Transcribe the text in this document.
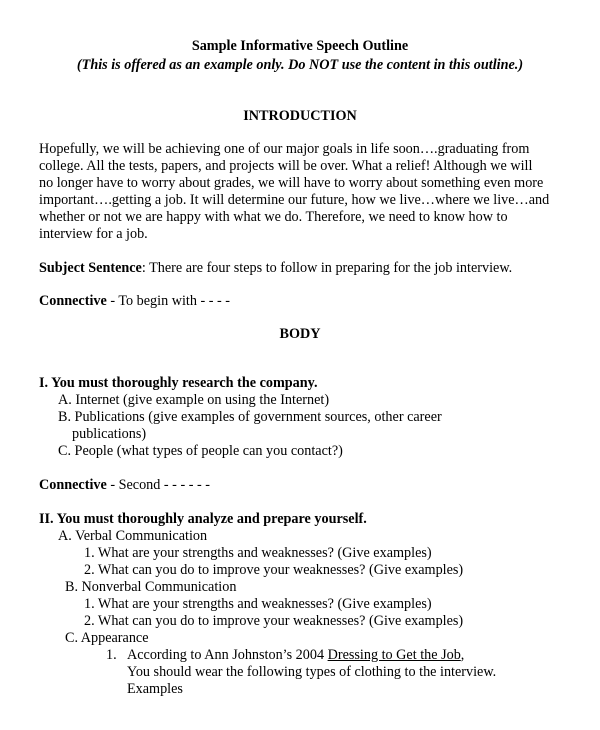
Sample Informative Speech Outline
(This is offered as an example only. Do NOT use the content in this outline.)
INTRODUCTION
Hopefully, we will be achieving one of our major goals in life soon….graduating from
college. All the tests, papers, and projects will be over. What a relief! Although we will
no longer have to worry about grades, we will have to worry about something even more
important….getting a job. It will determine our future, how we live…where we live…and
whether or not we are happy with what we do. Therefore, we need to know how to
interview for a job.
Subject Sentence: There are four steps to follow in preparing for the job interview.
Connective - To begin with - - - -
BODY
I. You must thoroughly research the company.
A. Internet (give example on using the Internet)
B. Publications (give examples of government sources, other career
publications)
C. People (what types of people can you contact?)
Connective - Second - - - - - -
II. You must thoroughly analyze and prepare yourself.
A. Verbal Communication
1. What are your strengths and weaknesses? (Give examples)
2. What can you do to improve your weaknesses? (Give examples)
B. Nonverbal Communication
1. What are your strengths and weaknesses? (Give examples)
2. What can you do to improve your weaknesses? (Give examples)
C. Appearance
1. According to Ann Johnston’s 2004 Dressing to Get the Job,
You should wear the following types of clothing to the interview.
Examples
